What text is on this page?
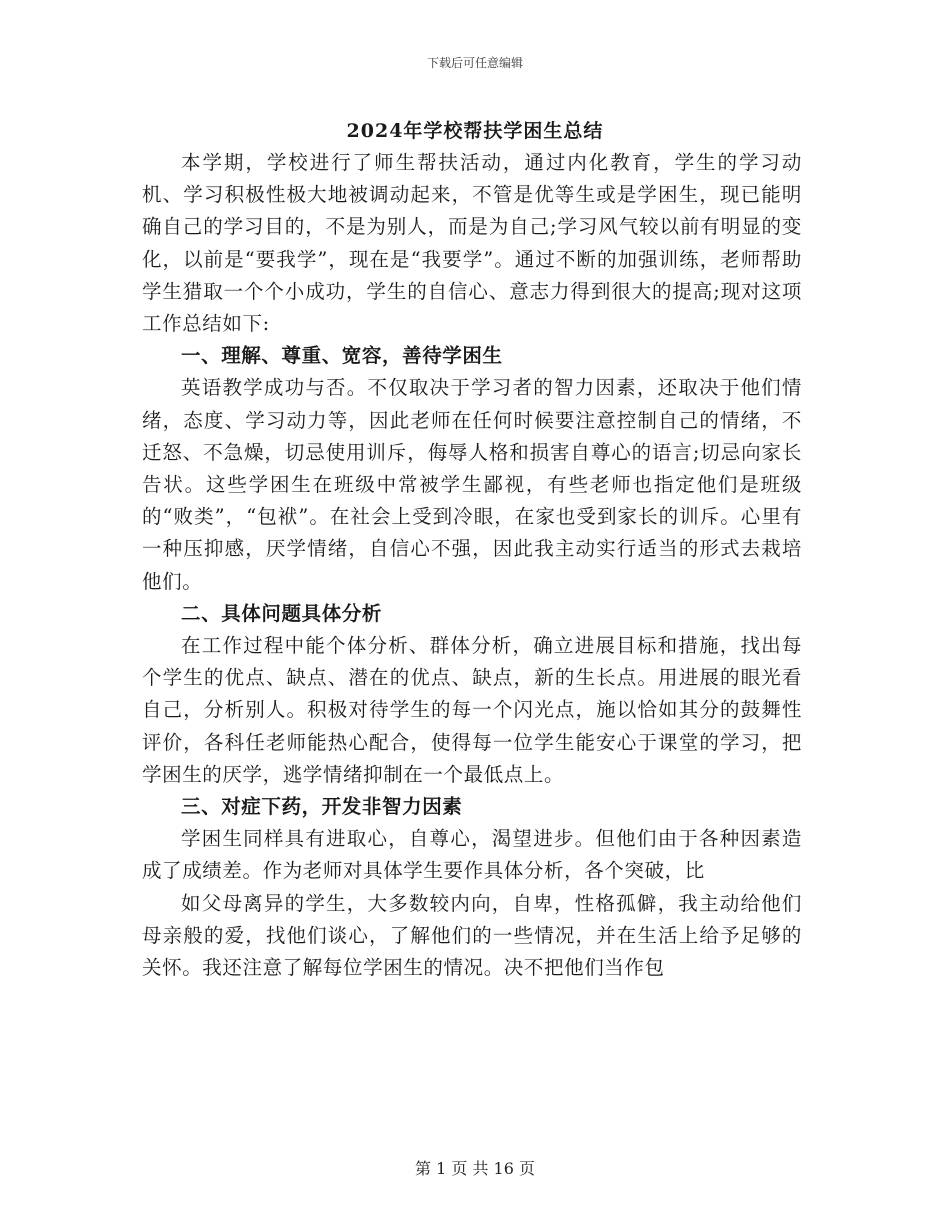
下载后可任意编辑
2024年学校帮扶学困生总结

本学期，学校进行了师生帮扶活动，通过内化教育，学生的学习动机、学习积极性极大地被调动起来，不管是优等生或是学困生，现已能明确自己的学习目的，不是为别人，而是为自己;学习风气较以前有明显的变化，以前是“要我学”，现在是“我要学”。通过不断的加强训练，老师帮助学生猎取一个个小成功，学生的自信心、意志力得到很大的提高;现对这项工作总结如下:

一、理解、尊重、宽容，善待学困生

英语教学成功与否。不仅取决于学习者的智力因素，还取决于他们情绪，态度、学习动力等，因此老师在任何时候要注意控制自己的情绪，不迁怒、不急燥，切忌使用训斥，侮辱人格和损害自尊心的语言;切忌向家长告状。这些学困生在班级中常被学生鄙视，有些老师也指定他们是班级的“败类”，“包袱”。在社会上受到冷眼，在家也受到家长的训斥。心里有一种压抑感，厌学情绪，自信心不强，因此我主动实行适当的形式去栽培他们。

二、具体问题具体分析

在工作过程中能个体分析、群体分析，确立进展目标和措施，找出每个学生的优点、缺点、潜在的优点、缺点，新的生长点。用进展的眼光看自己，分析别人。积极对待学生的每一个闪光点，施以恰如其分的鼓舞性评价，各科任老师能热心配合，使得每一位学生能安心于课堂的学习，把学困生的厌学，逃学情绪抑制在一个最低点上。

三、对症下药，开发非智力因素

学困生同样具有进取心，自尊心，渴望进步。但他们由于各种因素造成了成绩差。作为老师对具体学生要作具体分析，各个突破，比

如父母离异的学生，大多数较内向，自卑，性格孤僻，我主动给他们母亲般的爱，找他们谈心，了解他们的一些情况，并在生活上给予足够的关怀。我还注意了解每位学困生的情况。决不把他们当作包

第 1 页 共 16 页
